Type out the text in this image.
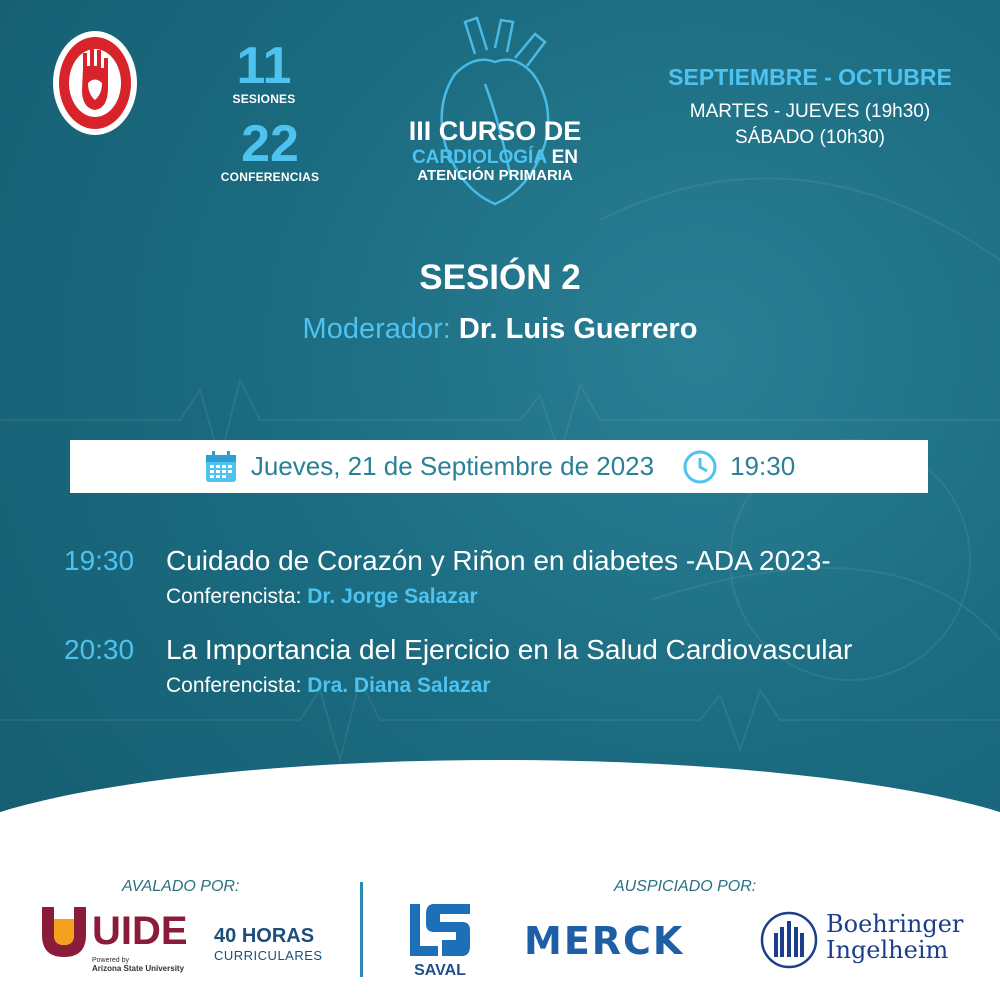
11
SESIONES
22
CONFERENCIAS
III CURSO DE
CARDIOLOGÍA EN
ATENCIÓN PRIMARIA
SEPTIEMBRE - OCTUBRE
MARTES - JUEVES (19h30)
SÁBADO (10h30)
SESIÓN 2
Moderador: Dr. Luis Guerrero
Jueves, 21 de Septiembre de 2023	19:30
19:30 Cuidado de Corazón y Riñon en diabetes -ADA 2023-
Conferencista: Dr. Jorge Salazar
20:30 La Importancia del Ejercicio en la Salud Cardiovascular
Conferencista: Dra. Diana Salazar
AVALADO POR:	AUSPICIADO POR:
UIDE
Powered by
Arizona State University
40 HORAS
CURRICULARES
SAVAL
MERCK	Boehringer
Ingelheim
